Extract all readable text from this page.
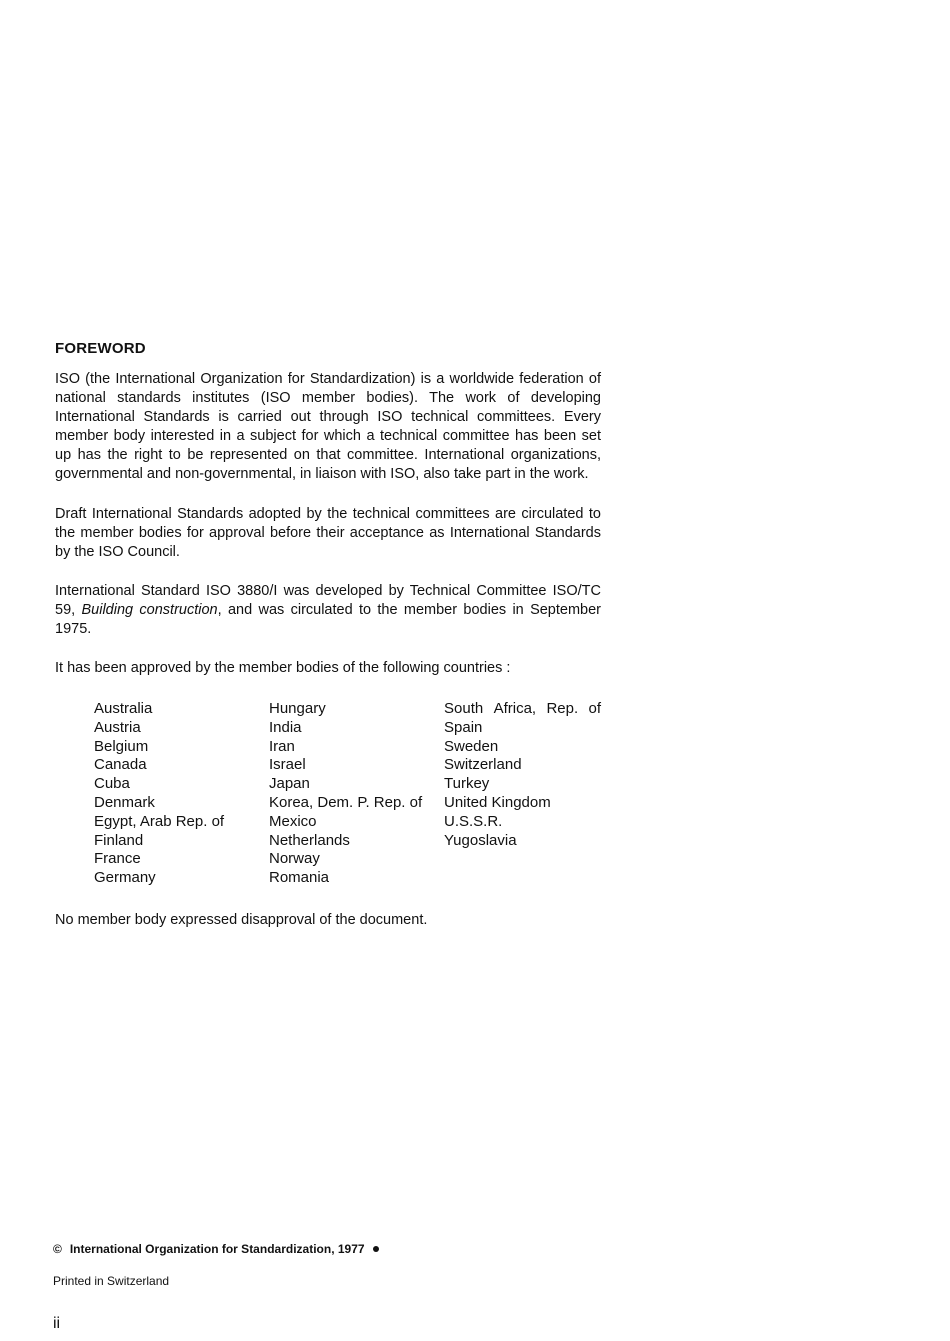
FOREWORD
ISO (the International Organization for Standardization) is a worldwide federation of national standards institutes (ISO member bodies). The work of developing International Standards is carried out through ISO technical committees. Every member body interested in a subject for which a technical committee has been set up has the right to be represented on that committee. International organizations, governmental and non-governmental, in liaison with ISO, also take part in the work.
Draft International Standards adopted by the technical committees are circulated to the member bodies for approval before their acceptance as International Standards by the ISO Council.
International Standard ISO 3880/I was developed by Technical Committee ISO/TC 59, Building construction, and was circulated to the member bodies in September 1975.
It has been approved by the member bodies of the following countries :
Australia
Austria
Belgium
Canada
Cuba
Denmark
Egypt, Arab Rep. of
Finland
France
Germany
Hungary
India
Iran
Israel
Japan
Korea, Dem. P. Rep. of
Mexico
Netherlands
Norway
Romania
South Africa, Rep. of
Spain
Sweden
Switzerland
Turkey
United Kingdom
U.S.S.R.
Yugoslavia
No member body expressed disapproval of the document.
© International Organization for Standardization, 1977
Printed in Switzerland
ii
